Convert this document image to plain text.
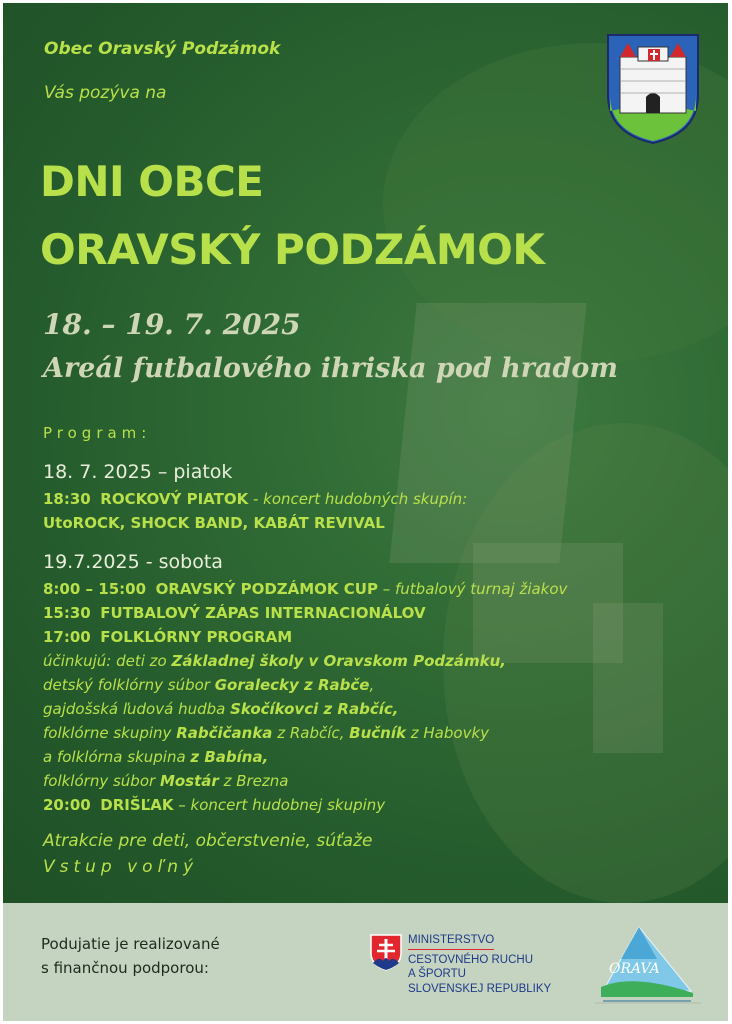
Obec Oravský Podzámok
Vás pozýva na
DNI OBCE
ORAVSKÝ PODZÁMOK
18. – 19. 7. 2025
Areál futbalového ihriska pod hradom
Program:
18. 7. 2025 – piatok
18:30 ROCKOVÝ PIATOK - koncert hudobných skupín:
UtoROCK, SHOCK BAND, KABÁT REVIVAL
19.7.2025 - sobota
8:00 – 15:00 ORAVSKÝ PODZÁMOK CUP – futbalový turnaj žiakov
15:30 FUTBALOVÝ ZÁPAS INTERNACIONÁLOV
17:00 FOLKLÓRNY PROGRAM
účinkujú: deti zo Základnej školy v Oravskom Podzámku,
detský folklórny súbor Goralecky z Rabče,
gajdošská ľudová hudba Skočíkovci z Rabčíc,
folklórne skupiny Rabčičanka z Rabčíc, Bučník z Habovky
a folklórna skupina z Babína,
folklórny súbor Mostár z Brezna
20:00 DRIŠĽAK – koncert hudobnej skupiny
Atrakcie pre deti, občerstvenie, súťaže
Vstup voľný
Podujatie je realizované
s finančnou podporou:
MINISTERSTVO
CESTOVNÉHO RUCHU
A ŠPORTU
SLOVENSKEJ REPUBLIKY
ORAVA
